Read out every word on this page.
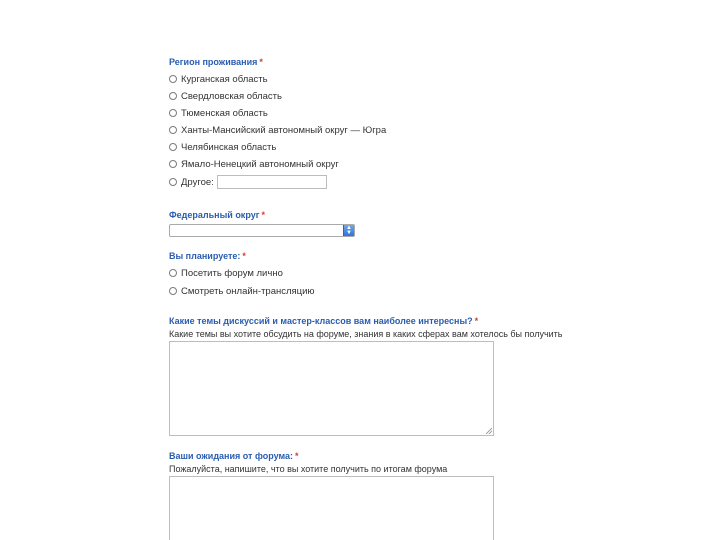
Регион проживания *
Курганская область
Свердловская область
Тюменская область
Ханты-Мансийский автономный округ — Югра
Челябинская область
Ямало-Ненецкий автономный округ
Другое:
Федеральный округ *
▲
▼
Вы планируете: *
Посетить форум лично
Смотреть онлайн-трансляцию
Какие темы дискуссий и мастер-классов вам наиболее интересны? *
Какие темы вы хотите обсудить на форуме, знания в каких сферах вам хотелось бы получить
Ваши ожидания от форума: *
Пожалуйста, напишите, что вы хотите получить по итогам форума
